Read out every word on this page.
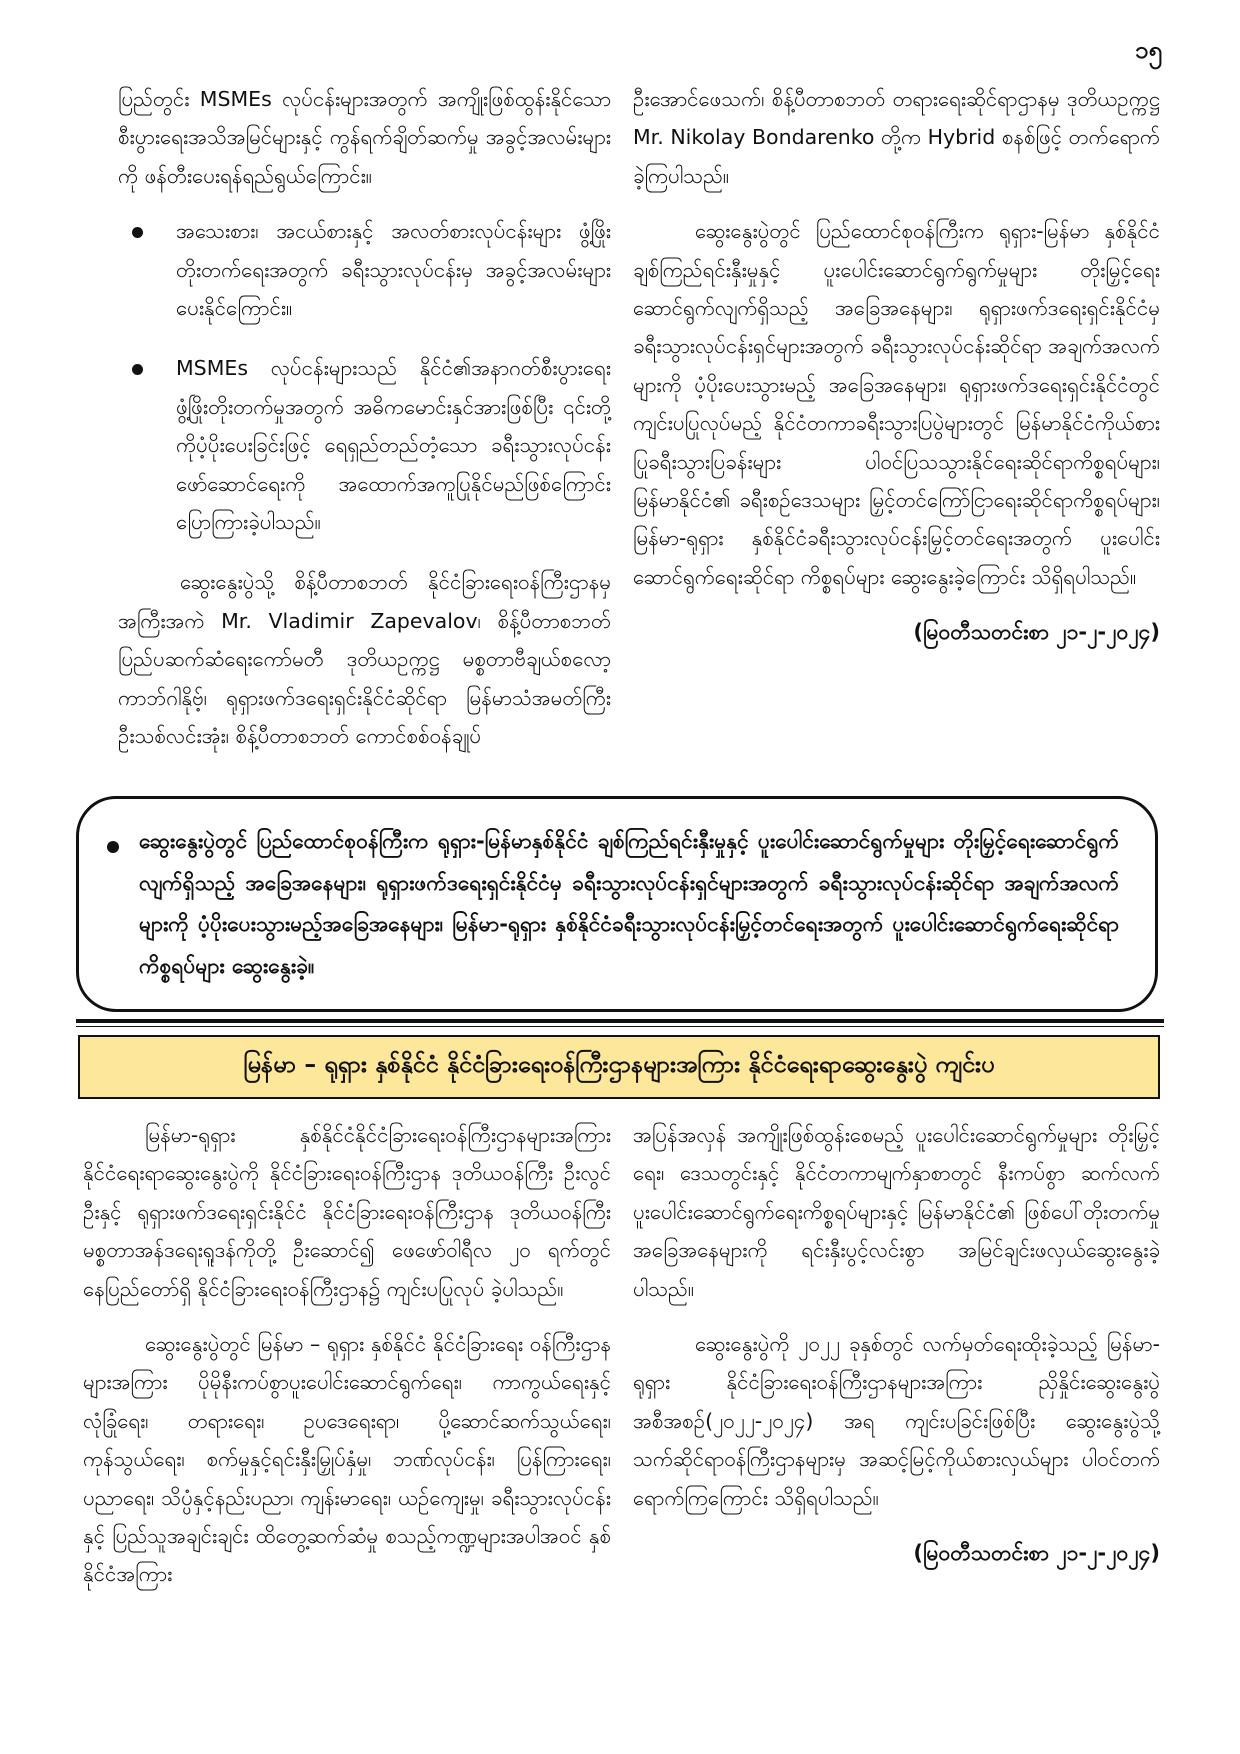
၁၅

ပြည်တွင်း MSMEs လုပ်ငန်းများအတွက် အကျိုးဖြစ်ထွန်းနိုင်သော စီးပွားရေးအသိအမြင်များနှင့် ကွန်ရက်ချိတ်ဆက်မှု အခွင့်အလမ်းများကို ဖန်တီးပေးရန်ရည်ရွယ်ကြောင်း။

အသေးစား၊ အငယ်စားနှင့် အလတ်စားလုပ်ငန်းများ ဖွံ့ဖြိုးတိုးတက်ရေးအတွက် ခရီးသွားလုပ်ငန်းမှ အခွင့်အလမ်းများပေးနိုင်ကြောင်း။
MSMEs လုပ်ငန်းများသည် နိုင်ငံ၏အနာဂတ်စီးပွားရေး ဖွံ့ဖြိုးတိုးတက်မှုအတွက် အဓိကမောင်းနှင်အားဖြစ်ပြီး ၎င်းတို့ကိုပံ့ပိုးပေးခြင်းဖြင့် ရေရှည်တည်တံ့သော ခရီးသွားလုပ်ငန်းဖော်ဆောင်ရေးကို အထောက်အကူပြုနိုင်မည်ဖြစ်ကြောင်း ပြောကြားခဲ့ပါသည်။

ဆွေးနွေးပွဲသို့ စိန့်ပီတာစဘတ် နိုင်ငံခြားရေးဝန်ကြီးဌာနမှ အကြီးအကဲ Mr. Vladimir Zapevalov၊ စိန့်ပီတာစဘတ် ပြည်ပဆက်ဆံရေးကော်မတီ ဒုတိယဥက္ကဋ္ဌ မစ္စတာဗီချယ်စလော့ ကာဘ်ဂါနိုဗ့်၊ ရုရှားဖက်ဒရေးရှင်းနိုင်ငံဆိုင်ရာ မြန်မာသံအမတ်ကြီး ဦးသစ်လင်းအုံး၊ စိန့်ပီတာစဘတ် ကောင်စစ်ဝန်ချုပ်

ဦးအောင်ဖေသက်၊ စိန့်ပီတာစဘတ် တရားရေးဆိုင်ရာဌာနမှ ဒုတိယဥက္ကဋ္ဌ Mr. Nikolay Bondarenko တို့က Hybrid စနစ်ဖြင့် တက်ရောက်ခဲ့ကြပါသည်။

ဆွေးနွေးပွဲတွင် ပြည်ထောင်စုဝန်ကြီးက ရုရှား-မြန်မာ နှစ်နိုင်ငံချစ်ကြည်ရင်းနှီးမှုနှင့် ပူးပေါင်းဆောင်ရွက်ရွက်မှုများ တိုးမြှင့်ရေးဆောင်ရွက်လျက်ရှိသည့် အခြေအနေများ၊ ရုရှားဖက်ဒရေးရှင်းနိုင်ငံမှ ခရီးသွားလုပ်ငန်းရှင်များအတွက် ခရီးသွားလုပ်ငန်းဆိုင်ရာ အချက်အလက်များကို ပံ့ပိုးပေးသွားမည့် အခြေအနေများ၊ ရုရှားဖက်ဒရေးရှင်းနိုင်ငံတွင် ကျင်းပပြုလုပ်မည့် နိုင်ငံတကာခရီးသွားပြပွဲများတွင် မြန်မာနိုင်ငံကိုယ်စားပြုခရီးသွားပြခန်းများ ပါဝင်ပြသသွားနိုင်ရေးဆိုင်ရာကိစ္စရပ်များ၊ မြန်မာနိုင်ငံ၏ ခရီးစဉ်ဒေသများ မြှင့်တင်ကြော်ငြာရေးဆိုင်ရာကိစ္စရပ်များ၊ မြန်မာ-ရုရှား နှစ်နိုင်ငံခရီးသွားလုပ်ငန်းမြှင့်တင်ရေးအတွက် ပူးပေါင်းဆောင်ရွက်ရေးဆိုင်ရာ ကိစ္စရပ်များ ဆွေးနွေးခဲ့ကြောင်း သိရှိရပါသည်။

(မြဝတီသတင်းစာ ၂၁-၂-၂၀၂၄)
ဆွေးနွေးပွဲတွင် ပြည်ထောင်စုဝန်ကြီးက ရုရှား-မြန်မာနှစ်နိုင်ငံ ချစ်ကြည်ရင်းနှီးမှုနှင့် ပူးပေါင်းဆောင်ရွက်မှုများ တိုးမြှင့်ရေးဆောင်ရွက်လျက်ရှိသည့် အခြေအနေများ၊ ရုရှားဖက်ဒရေးရှင်းနိုင်ငံမှ ခရီးသွားလုပ်ငန်းရှင်များအတွက် ခရီးသွားလုပ်ငန်းဆိုင်ရာ အချက်အလက်များကို ပံ့ပိုးပေးသွားမည့်အခြေအနေများ၊ မြန်မာ-ရုရှား နှစ်နိုင်ငံခရီးသွားလုပ်ငန်းမြှင့်တင်ရေးအတွက် ပူးပေါင်းဆောင်ရွက်ရေးဆိုင်ရာကိစ္စရပ်များ ဆွေးနွေးခဲ့။
မြန်မာ – ရုရှား နှစ်နိုင်ငံ နိုင်ငံခြားရေးဝန်ကြီးဌာနများအကြား နိုင်ငံရေးရာဆွေးနွေးပွဲ ကျင်းပ

မြန်မာ-ရုရှား နှစ်နိုင်ငံနိုင်ငံခြားရေးဝန်ကြီးဌာနများအကြား နိုင်ငံရေးရာဆွေးနွေးပွဲကို နိုင်ငံခြားရေးဝန်ကြီးဌာန ဒုတိယဝန်ကြီး ဦးလွင်ဦးနှင့် ရုရှားဖက်ဒရေးရှင်းနိုင်ငံ နိုင်ငံခြားရေးဝန်ကြီးဌာန ဒုတိယဝန်ကြီး မစ္စတာအန်ဒရေးရူဒန်ကိုတို့ ဦးဆောင်၍ ဖေဖော်ဝါရီလ ၂၀ ရက်တွင် နေပြည်တော်ရှိ နိုင်ငံခြားရေးဝန်ကြီးဌာန၌ ကျင်းပပြုလုပ် ခဲ့ပါသည်။

ဆွေးနွေးပွဲတွင် မြန်မာ – ရုရှား နှစ်နိုင်ငံ နိုင်ငံခြားရေး ဝန်ကြီးဌာနများအကြား ပိုမိုနီးကပ်စွာပူးပေါင်းဆောင်ရွက်ရေး၊ ကာကွယ်ရေးနှင့် လုံခြုံရေး၊ တရားရေး၊ ဥပဒေရေးရာ၊ ပို့ဆောင်ဆက်သွယ်ရေး၊ ကုန်သွယ်ရေး၊ စက်မှုနှင့်ရင်းနှီးမြှုပ်နှံမှု၊ ဘဏ်လုပ်ငန်း၊ ပြန်ကြားရေး၊ ပညာရေး၊ သိပ္ပံနှင့်နည်းပညာ၊ ကျန်းမာရေး၊ ယဉ်ကျေးမှု၊ ခရီးသွားလုပ်ငန်းနှင့် ပြည်သူအချင်းချင်း ထိတွေ့ဆက်ဆံမှု စသည့်ကဏ္ဍများအပါအဝင် နှစ်နိုင်ငံအကြား

အပြန်အလှန် အကျိုးဖြစ်ထွန်းစေမည့် ပူးပေါင်းဆောင်ရွက်မှုများ တိုးမြှင့်ရေး၊ ဒေသတွင်းနှင့် နိုင်ငံတကာမျက်နှာစာတွင် နီးကပ်စွာ ဆက်လက်ပူးပေါင်းဆောင်ရွက်ရေးကိစ္စရပ်များနှင့် မြန်မာနိုင်ငံ၏ ဖြစ်ပေါ်တိုးတက်မှုအခြေအနေများကို ရင်းနှီးပွင့်လင်းစွာ အမြင်ချင်းဖလှယ်ဆွေးနွေးခဲ့ပါသည်။

ဆွေးနွေးပွဲကို ၂၀၂၂ ခုနှစ်တွင် လက်မှတ်ရေးထိုးခဲ့သည့် မြန်မာ-ရုရှား နိုင်ငံခြားရေးဝန်ကြီးဌာနများအကြား ညှိနှိုင်းဆွေးနွေးပွဲအစီအစဉ်(၂၀၂၂-၂၀၂၄) အရ ကျင်းပခြင်းဖြစ်ပြီး ဆွေးနွေးပွဲသို့ သက်ဆိုင်ရာဝန်ကြီးဌာနများမှ အဆင့်မြင့်ကိုယ်စားလှယ်များ ပါဝင်တက်ရောက်ကြကြောင်း သိရှိရပါသည်။

(မြဝတီသတင်းစာ ၂၁-၂-၂၀၂၄)
